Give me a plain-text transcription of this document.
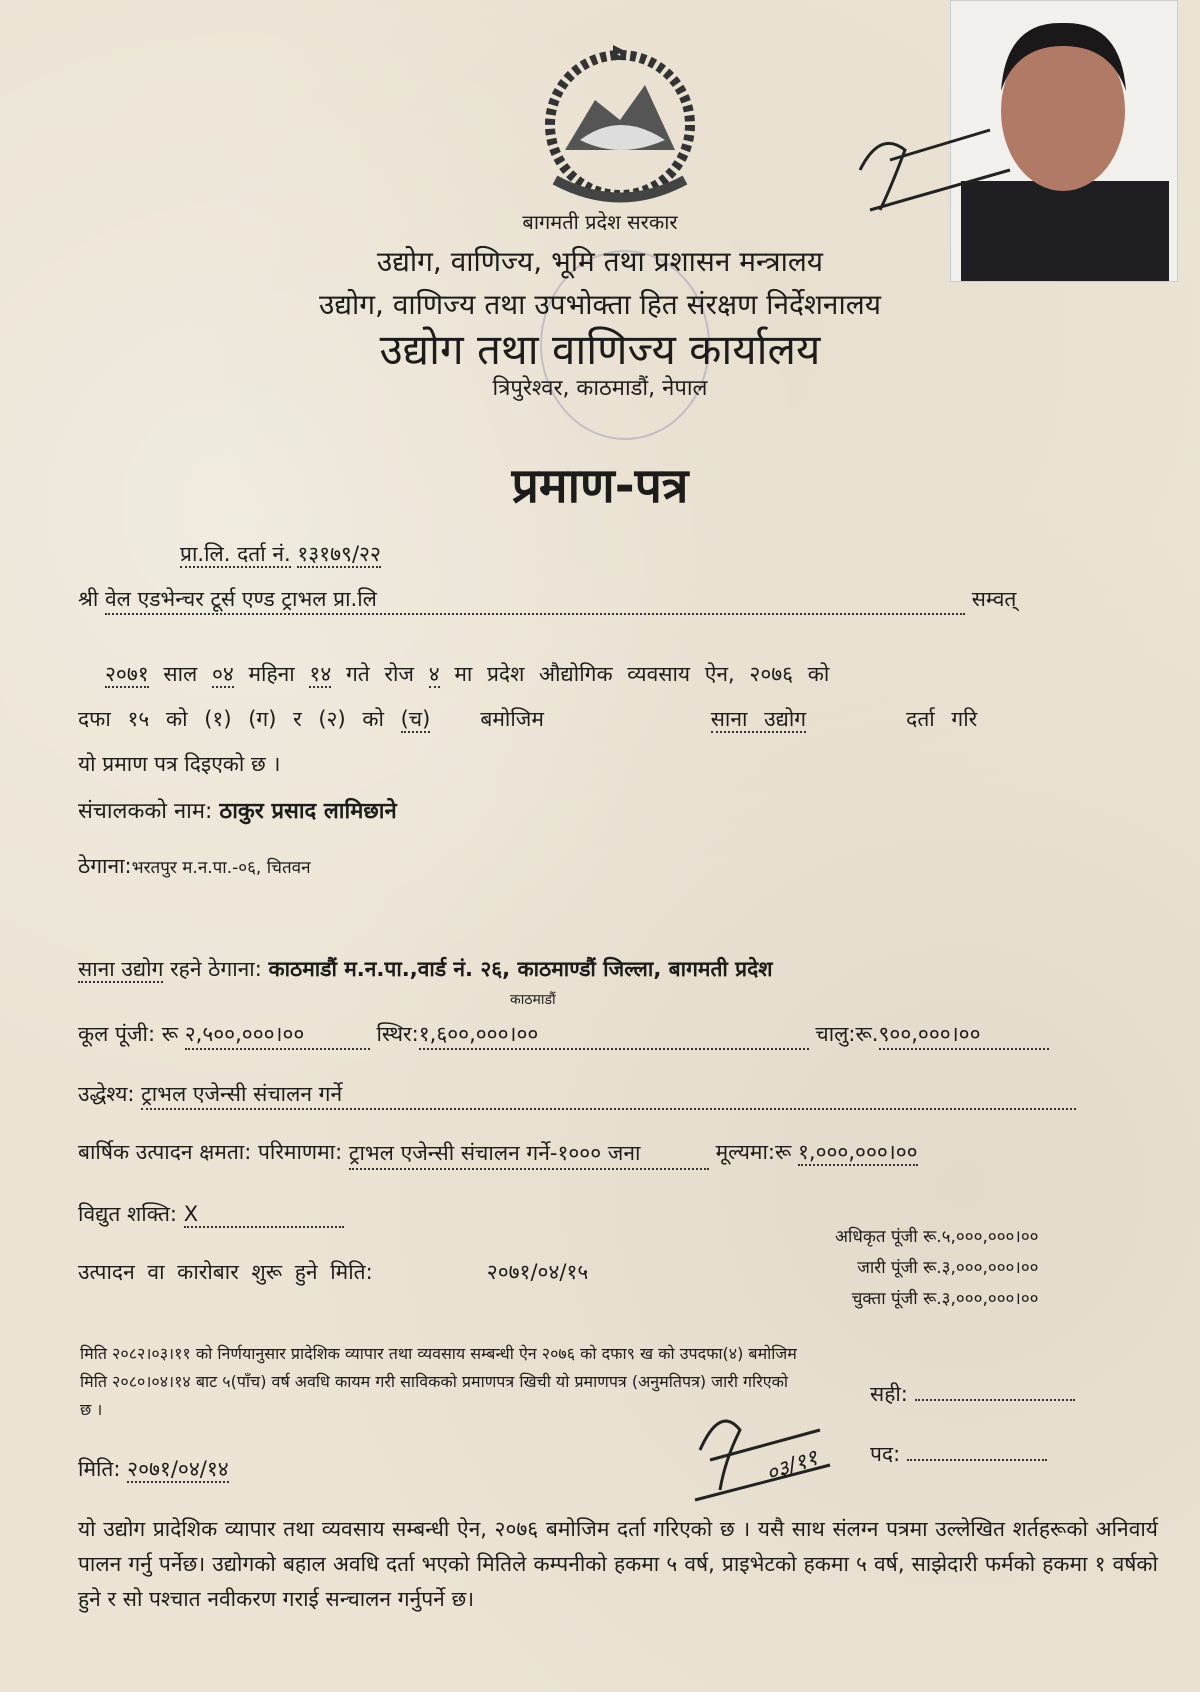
बागमती प्रदेश सरकार
उद्योग, वाणिज्य, भूमि तथा प्रशासन मन्त्रालय
उद्योग, वाणिज्य तथा उपभोक्ता हित संरक्षण निर्देशनालय
उद्योग तथा वाणिज्य कार्यालय
त्रिपुरेश्वर, काठमाडौं, नेपाल
प्रमाण-पत्र
प्रा.लि. दर्ता नं. १३१७९/२२
श्री वेल एडभेन्चर टूर्स एण्ड ट्राभल प्रा.लि	सम्वत्
२०७१ साल ०४ महिना १४ गते रोज ४ मा प्रदेश औद्योगिक व्यवसाय ऐन, २०७६ को
दफा १५ को (१) (ग) र (२) को (च) बमोजिम	साना उद्योग	दर्ता गरि
यो प्रमाण पत्र दिइएको छ ।
संचालकको नाम: ठाकुर प्रसाद लामिछाने
ठेगाना:भरतपुर म.न.पा.-०६, चितवन
साना उद्योग रहने ठेगाना: काठमाडौं म.न.पा.,वार्ड नं. २६, काठमाण्डौं जिल्ला, बागमती प्रदेश
काठमाडौं
कूल पूंजी: रू २,५००,०००।००	स्थिर:१,६००,०००।००	चालु:रू.९००,०००।००
उद्धेश्य: ट्राभल एजेन्सी संचालन गर्ने
बार्षिक उत्पादन क्षमता: परिमाणमा: ट्राभल एजेन्सी संचालन गर्ने-१००० जना	मूल्यमा:रू १,०००,०००।००
विद्युत शक्ति: X
उत्पादन वा कारोबार शुरू हुने मिति:	२०७१/०४/१५
अधिकृत पूंजी रू.५,०००,०००।००
जारी पूंजी रू.३,०००,०००।००
चुक्ता पूंजी रू.३,०००,०००।००
मिति २०८२।०३।११ को निर्णयानुसार प्रादेशिक व्यापार तथा व्यवसाय सम्बन्धी ऐन २०७६ को दफा९ ख को उपदफा(४) बमोजिम मिति २०८०।०४।१४ बाट ५(पाँच) वर्ष अवधि कायम गरी साविकको प्रमाणपत्र खिची यो प्रमाणपत्र (अनुमतिपत्र) जारी गरिएको छ ।
सही:
पद:
मिति: २०७१/०४/१४	०३/११
यो उद्योग प्रादेशिक व्यापार तथा व्यवसाय सम्बन्धी ऐन, २०७६ बमोजिम दर्ता गरिएको छ । यसै साथ संलग्न पत्रमा उल्लेखित शर्तहरूको अनिवार्य पालन गर्नु पर्नेछ। उद्योगको बहाल अवधि दर्ता भएको मितिले कम्पनीको हकमा ५ वर्ष, प्राइभेटको हकमा ५ वर्ष, साझेदारी फर्मको हकमा १ वर्षको हुने र सो पश्चात नवीकरण गराई सन्चालन गर्नुपर्ने छ।
